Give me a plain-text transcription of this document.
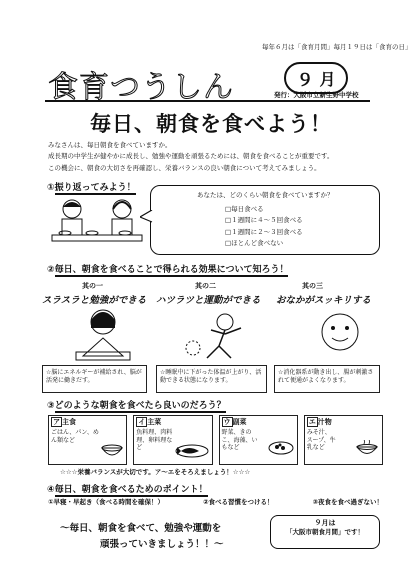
毎年６月は「食育月間」毎月１９日は「食育の日」
食育つうしん	９ 月
発行：大阪市立新生野中学校
毎日、朝食を食べよう！
みなさんは、毎日朝食を食べていますか。
成長期の中学生が健やかに成長し、勉強や運動を頑張るためには、朝食を食べることが重要です。
この機会に、朝食の大切さを再確認し、栄養バランスの良い朝食について考えてみましょう。
①振り返ってみよう！
あなたは、どのくらい朝食を食べていますか？
□毎日食べる
□１週間に４～５回食べる
□１週間に２～３回食べる
□ほとんど食べない
②毎日、朝食を食べることで得られる効果について知ろう！
其の一	其の二	其の三
スラスラと勉強ができる ハツラツと運動ができる おなかがスッキリする
☆脳にエネルギーが補給され、脳が活発に働きだす。
☆睡眠中に下がった体温が上がり、活動できる状態になります。
☆消化器系が動き出し、腸が刺激されて便通がよくなります。
③どのような朝食を食べたら良いのだろう？
ア 主食
ごはん、パン、めん類など
イ 主菜
魚料理、肉料理、卵料理など
ウ 副菜
野菜、きのこ、海藻、いもなど
エ 汁物
みそ汁、スープ、牛乳など
☆☆☆栄養バランスが大切です。ア～エをそろえましょう！☆☆☆
④毎日、朝食を食べるためのポイント！
①早寝・早起き（食べる時間を確保！）	②食べる習慣をつける！	③夜食を食べ過ぎない！
～毎日、朝食を食べて、勉強や運動を
頑張っていきましょう！！～
９月は
「大阪市朝食月間」です！
